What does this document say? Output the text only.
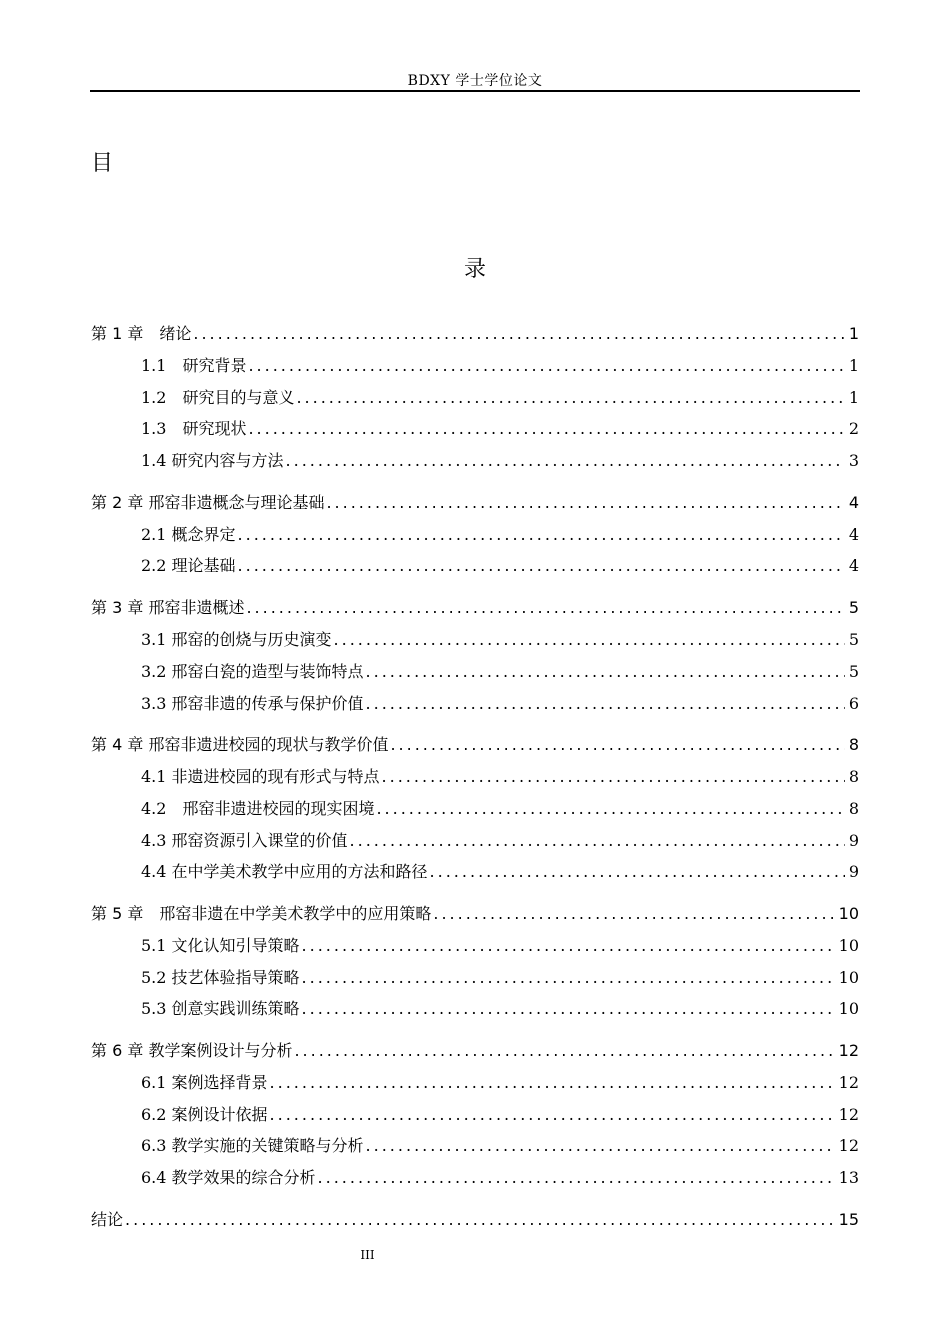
BDXY 学士学位论文
目
录
第 1 章　绪论 .....	1
1.1　研究背景 .....	1
1.2　研究目的与意义 .....	1
1.3　研究现状 .....	2
1.4 研究内容与方法 .....	3
第 2 章 邢窑非遗概念与理论基础 .....	4
2.1 概念界定 .....	4
2.2 理论基础 .....	4
第 3 章 邢窑非遗概述 .....	5
3.1 邢窑的创烧与历史演变 .....	5
3.2 邢窑白瓷的造型与装饰特点 .....	5
3.3 邢窑非遗的传承与保护价值 .....	6
第 4 章 邢窑非遗进校园的现状与教学价值 .....	8
4.1 非遗进校园的现有形式与特点 .....	8
4.2　邢窑非遗进校园的现实困境 .....	8
4.3 邢窑资源引入课堂的价值 .....	9
4.4 在中学美术教学中应用的方法和路径 .....	9
第 5 章　邢窑非遗在中学美术教学中的应用策略 .....	10
5.1 文化认知引导策略 .....	10
5.2 技艺体验指导策略 .....	10
5.3 创意实践训练策略 .....	10
第 6 章 教学案例设计与分析 .....	12
6.1 案例选择背景 .....	12
6.2 案例设计依据 .....	12
6.3 教学实施的关键策略与分析 .....	12
6.4 教学效果的综合分析 .....	13
结论 .....	15
III
